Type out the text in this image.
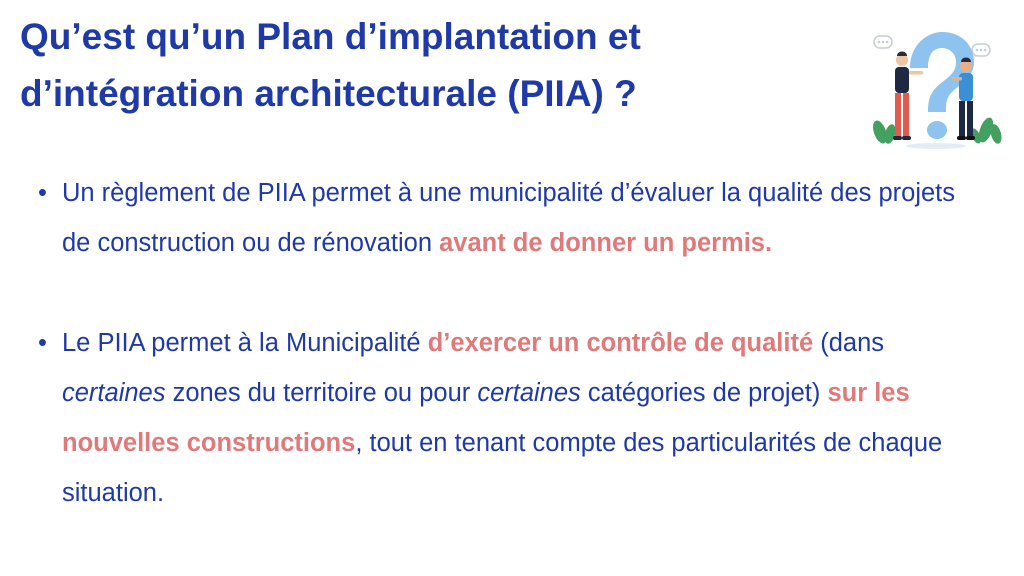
Qu’est qu’un Plan d’implantation et d’intégration architecturale (PIIA) ?
• Un règlement de PIIA permet à une municipalité d’évaluer la qualité des projets de construction ou de rénovation avant de donner un permis.
• Le PIIA permet à la Municipalité d’exercer un contrôle de qualité (dans certaines zones du territoire ou pour certaines catégories de projet) sur les nouvelles constructions, tout en tenant compte des particularités de chaque situation.
